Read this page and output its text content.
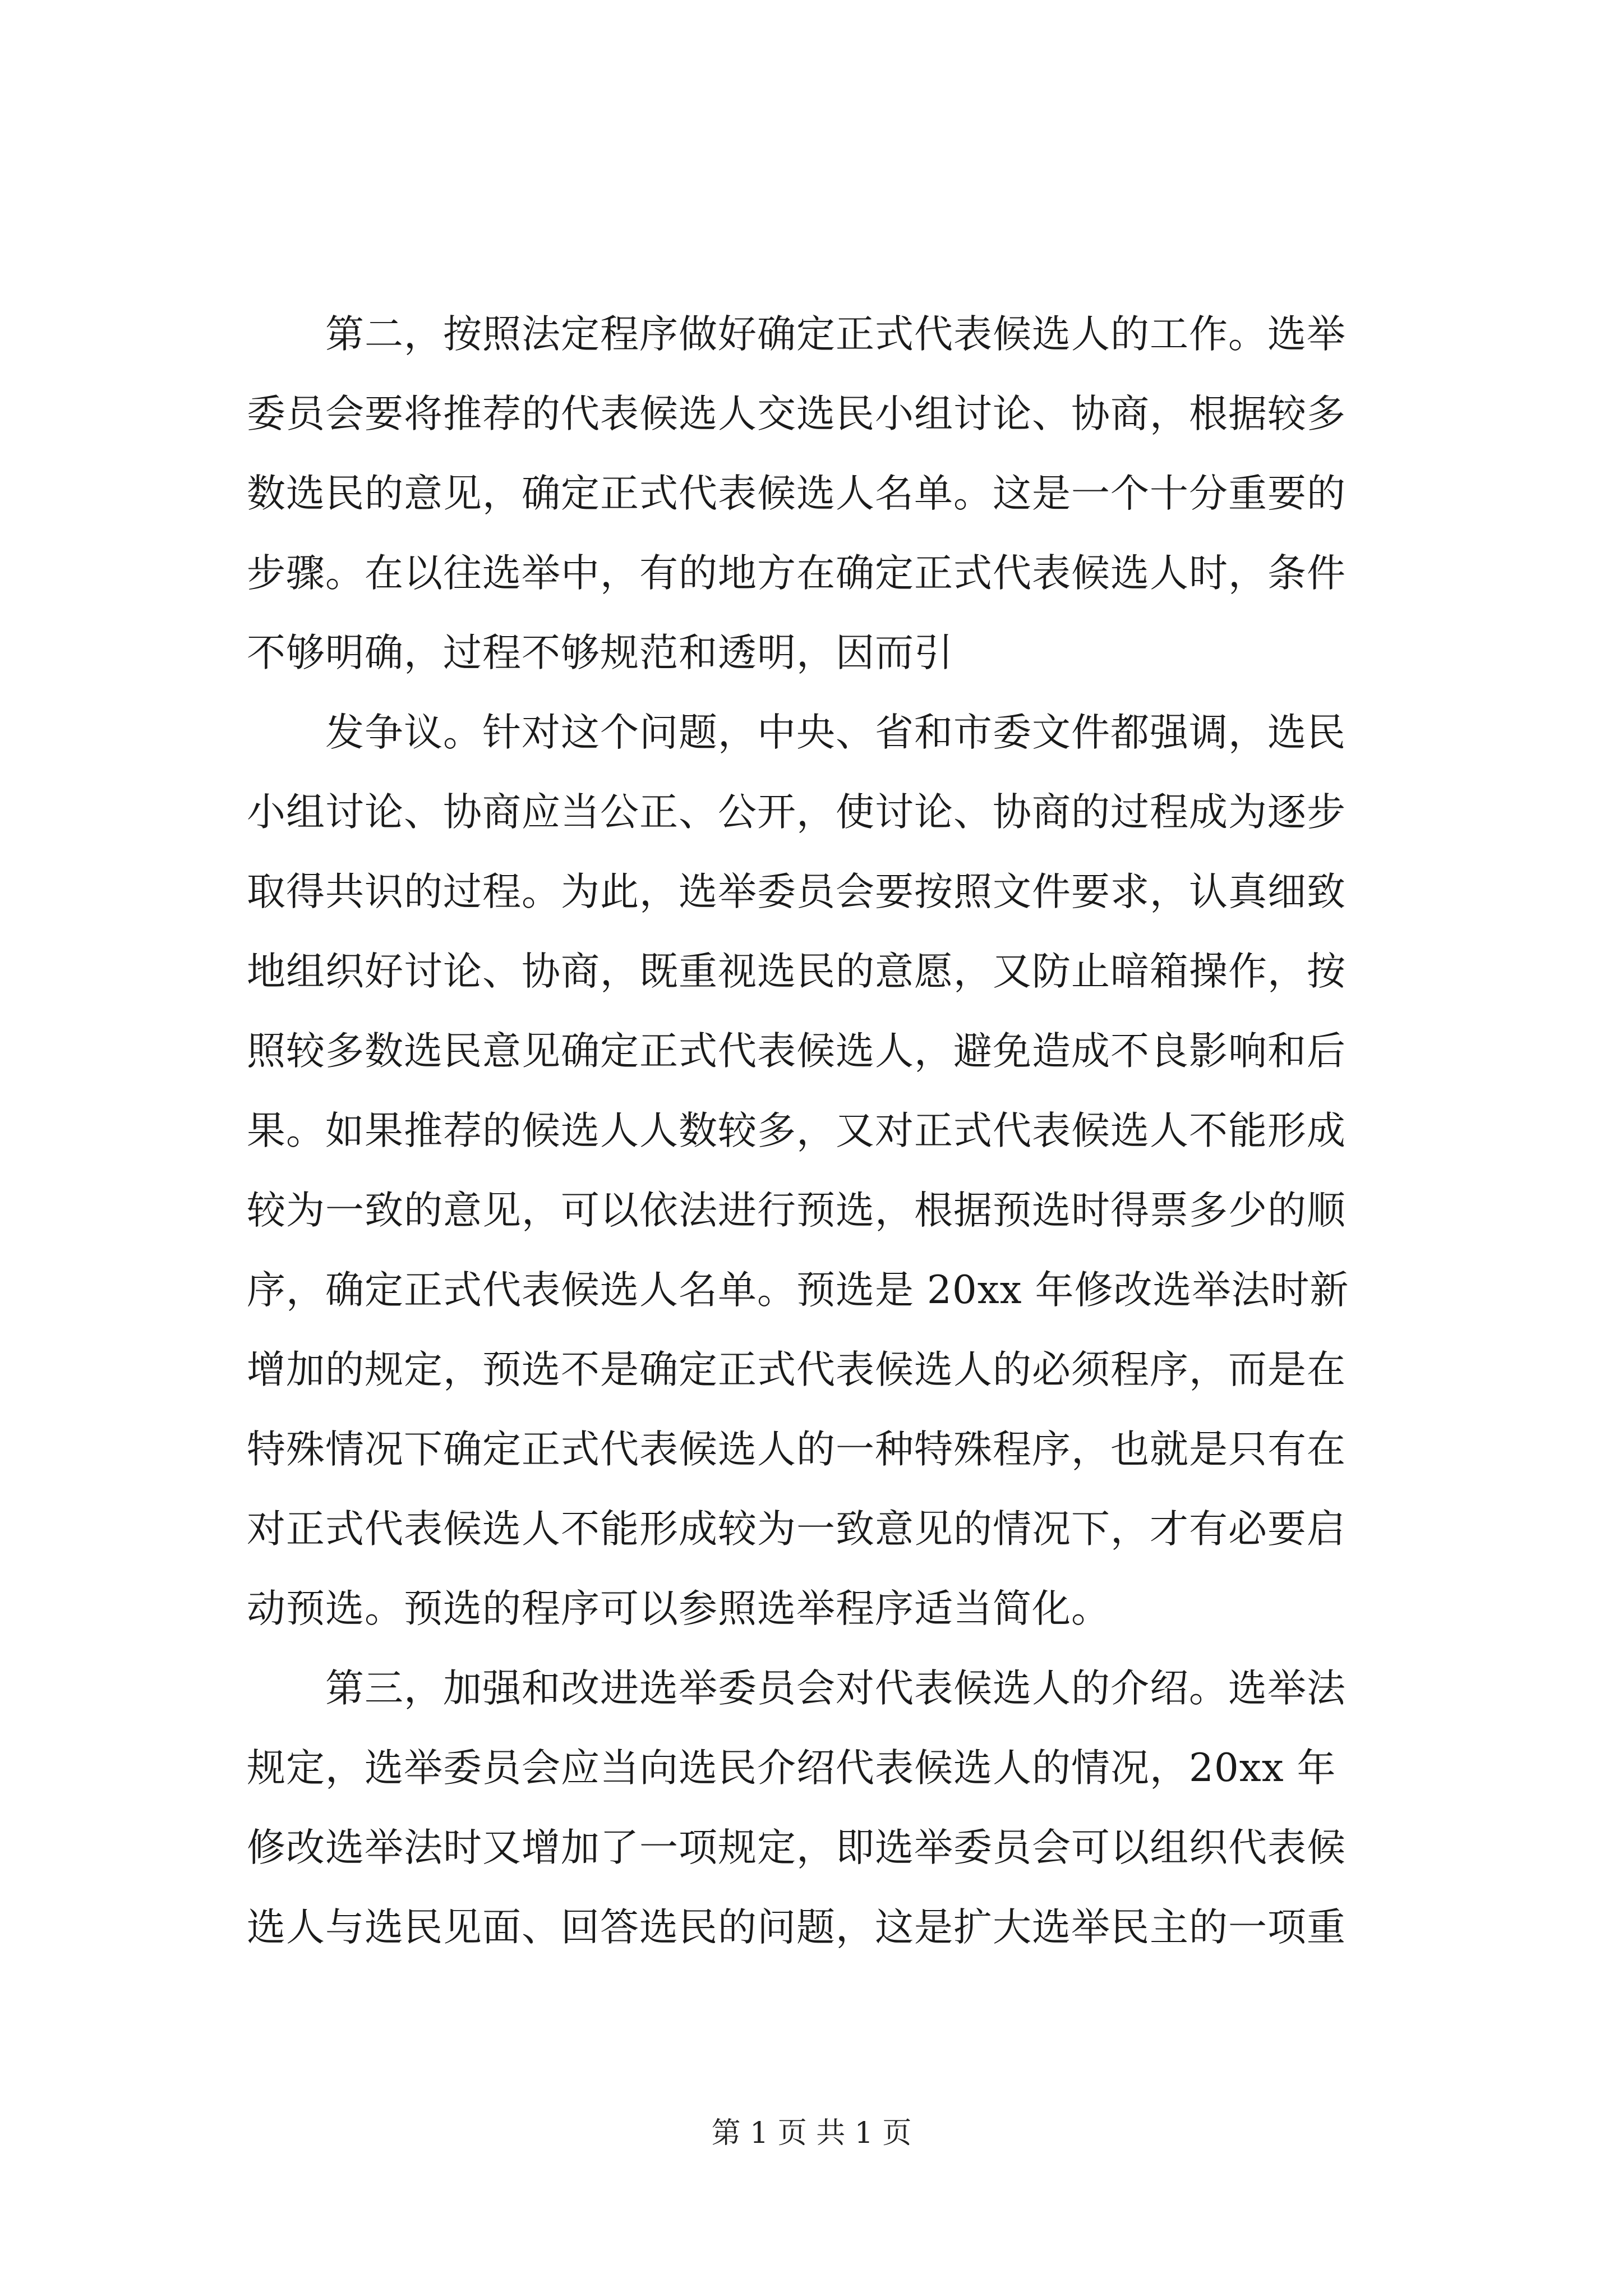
第二，按照法定程序做好确定正式代表候选人的工作。选举
委员会要将推荐的代表候选人交选民小组讨论、协商，根据较多
数选民的意见，确定正式代表候选人名单。这是一个十分重要的
步骤。在以往选举中，有的地方在确定正式代表候选人时，条件
不够明确，过程不够规范和透明，因而引

发争议。针对这个问题，中央、省和市委文件都强调，选民
小组讨论、协商应当公正、公开，使讨论、协商的过程成为逐步
取得共识的过程。为此，选举委员会要按照文件要求，认真细致
地组织好讨论、协商，既重视选民的意愿，又防止暗箱操作，按
照较多数选民意见确定正式代表候选人，避免造成不良影响和后
果。如果推荐的候选人人数较多，又对正式代表候选人不能形成
较为一致的意见，可以依法进行预选，根据预选时得票多少的顺
序，确定正式代表候选人名单。预选是 20xx 年修改选举法时新
增加的规定，预选不是确定正式代表候选人的必须程序，而是在
特殊情况下确定正式代表候选人的一种特殊程序，也就是只有在
对正式代表候选人不能形成较为一致意见的情况下，才有必要启
动预选。预选的程序可以参照选举程序适当简化。

第三，加强和改进选举委员会对代表候选人的介绍。选举法
规定，选举委员会应当向选民介绍代表候选人的情况，20xx 年
修改选举法时又增加了一项规定，即选举委员会可以组织代表候
选人与选民见面、回答选民的问题，这是扩大选举民主的一项重

第 1 页 共 1 页
